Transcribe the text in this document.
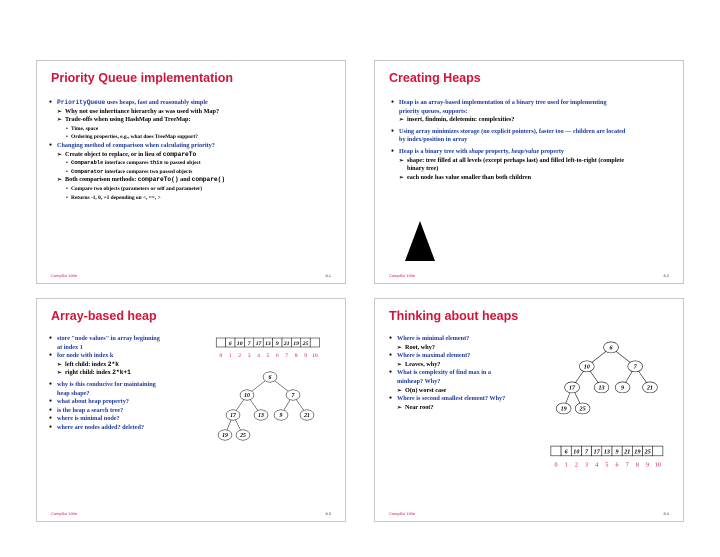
Priority Queue implementation
● PriorityQueue uses heaps, fast and reasonably simple
➢ Why not use inheritance hierarchy as was used with Map?
➢ Trade-offs when using HashMap and TreeMap:
• Time, space
• Ordering properties, e.g., what does TreeMap support?
● Changing method of comparison when calculating priority?
➢ Create object to replace, or in lieu of compareTo
• Comparable interface compares this to passed object
• Comparator interface compares two passed objects
➢ Both comparison methods: compareTo() and compare()
• Compare two objects (parameters or self and parameter)
• Returns -1, 0, +1 depending on <, ==, >
CompSci 100e	8.1
Creating Heaps
● Heap is an array-based implementation of a binary tree used for implementing priority queues, supports:
➢ insert, findmin, deletemin: complexities?
● Using array minimizes storage (no explicit pointers), faster too — children are located by index/position in array
● Heap is a binary tree with shape property, heap/value property
➢ shape: tree filled at all levels (except perhaps last) and filled left-to-right (complete binary tree)
➢ each node has value smaller than both children
CompSci 100e	8.2
Array-based heap
● store "node values" in array beginning at index 1
● for node with index k
➢ left child: index 2*k
➢ right child: index 2*k+1
● why is this conducive for maintaining heap shape?
● what about heap property?
● is the heap a search tree?
● where is minimal node?
● where are nodes added? deleted?
0
6
1
10
2
7
3
17
4
13
5
9
6
21
7
19
8
25
9 10
6
10	7
17	13	9	21
19 25
CompSci 100e	8.3
Thinking about heaps
● Where is minimal element?
➢ Root, why?
● Where is maximal element?
➢ Leaves, why?
● What is complexity of find max in a minheap? Why?
➢ O(n) worst case
● Where is second smallest element? Why?
➢ Near root?
6
10	7
17	13	9	21
19 25
0
6
1
10
2
7
3
17
4
13
5
9
6
21
7
19
8
25
9 10
CompSci 100e	8.4
